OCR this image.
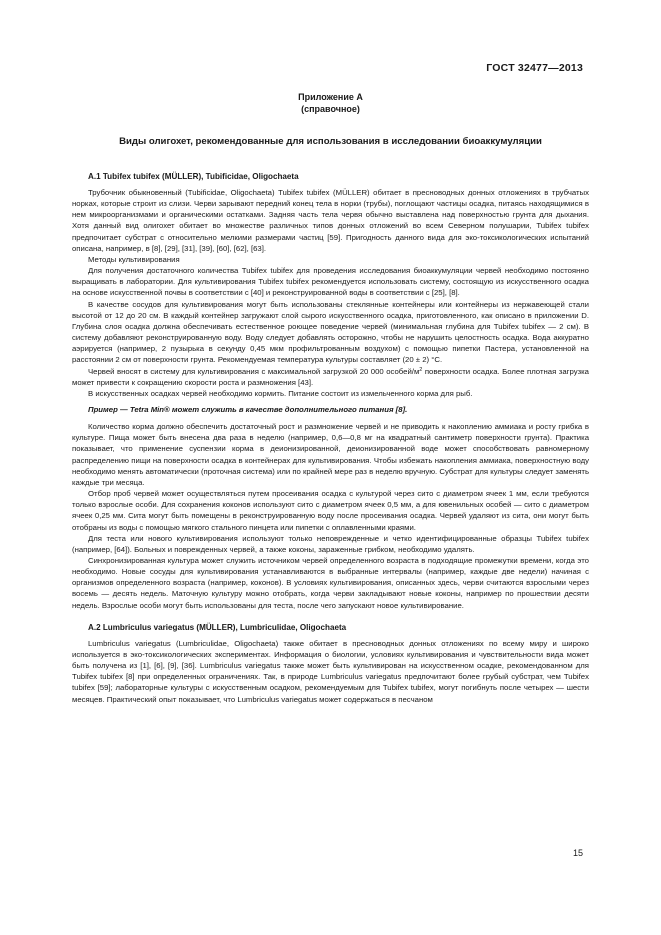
ГОСТ 32477—2013
Приложение А
(справочное)
Виды олигохет, рекомендованные для использования в исследовании биоаккумуляции
А.1 Tubifex tubifex (MÜLLER), Tubificidae, Oligochaeta

Трубочник обыкновенный (Tubificidae, Oligochaeta) Tubifex tubifex (MÜLLER) обитает в пресноводных донных отложениях в трубчатых норках, которые строит из слизи. Черви зарывают передний конец тела в норки (трубы), поглощают частицы осадка, питаясь находящимися в нем микроорганизмами и органическими остатками. Задняя часть тела червя обычно выставлена над поверхностью грунта для дыхания. Хотя данный вид олигохет обитает во множестве различных типов донных отложений во всем Северном полушарии, Tubifex tubifex предпочитает субстрат с относительно мелкими размерами частиц [59]. Пригодность данного вида для эко-токсикологических испытаний описана, например, в [8], [29], [31], [39], [60], [62], [63].

Методы культивирования

Для получения достаточного количества Tubifex tubifex для проведения исследования биоаккумуляции червей необходимо постоянно выращивать в лаборатории. Для культивирования Tubifex tubifex рекомендуется использовать систему, состоящую из искусственного осадка на основе искусственной почвы в соответствии с [40] и реконструированной воды в соответствии с [25], [8].

В качестве сосудов для культивирования могут быть использованы стеклянные контейнеры или контейнеры из нержавеющей стали высотой от 12 до 20 см. В каждый контейнер загружают слой сырого искусственного осадка, приготовленного, как описано в приложении D. Глубина слоя осадка должна обеспечивать естественное роющее поведение червей (минимальная глубина для Tubifex tubifex — 2 см). В систему добавляют реконструированную воду. Воду следует добавлять осторожно, чтобы не нарушить целостность осадка. Вода аккуратно аэрируется (например, 2 пузырька в секунду 0,45 мкм профильтрованным воздухом) с помощью пипетки Пастера, установленной на расстоянии 2 см от поверхности грунта. Рекомендуемая температура культуры составляет (20 ± 2) °С.

Червей вносят в систему для культивирования с максимальной загрузкой 20 000 особей/$м^2$ поверхности осадка. Более плотная загрузка может привести к сокращению скорости роста и размножения [43].

В искусственных осадках червей необходимо кормить. Питание состоит из измельченного корма для рыб.

Пример — Tetra Min® может служить в качестве дополнительного питания [8].

Количество корма должно обеспечить достаточный рост и размножение червей и не приводить к накоплению аммиака и росту грибка в культуре. Пища может быть внесена два раза в неделю (например, 0,6—0,8 мг на квадратный сантиметр поверхности грунта). Практика показывает, что применение суспензии корма в деионизированной, деионизированной воде может способствовать равномерному распределению пищи на поверхности осадка в контейнерах для культивирования. Чтобы избежать накопления аммиака, поверхностную воду необходимо менять автоматически (проточная система) или по крайней мере раз в неделю вручную. Субстрат для культуры следует заменять каждые три месяца.

Отбор проб червей может осуществляться путем просеивания осадка с культурой через сито с диаметром ячеек 1 мм, если требуются только взрослые особи. Для сохранения коконов используют сито с диаметром ячеек 0,5 мм, а для ювенильных особей — сито с диаметром ячеек 0,25 мм. Сита могут быть помещены в реконструированную воду после просеивания осадка. Червей удаляют из сита, они могут быть отобраны из воды с помощью мягкого стального пинцета или пипетки с оплавленными краями.

Для теста или нового культивирования используют только неповрежденные и четко идентифицированные образцы Tubifex tubifex (например, [64]). Больных и поврежденных червей, а также коконы, зараженные грибком, необходимо удалять.

Синхронизированная культура может служить источником червей определенного возраста в подходящие промежутки времени, когда это необходимо. Новые сосуды для культивирования устанавливаются в выбранные интервалы (например, каждые две недели) начиная с организмов определенного возраста (например, коконов). В условиях культивирования, описанных здесь, черви считаются взрослыми через восемь — десять недель. Маточную культуру можно отобрать, когда черви закладывают новые коконы, например по прошествии десяти недель. Взрослые особи могут быть использованы для теста, после чего запускают новое культивирование.

А.2 Lumbriculus variegatus (MÜLLER), Lumbriculidae, Oligochaeta

Lumbriculus variegatus (Lumbriculidae, Oligochaeta) также обитает в пресноводных донных отложениях по всему миру и широко используется в эко-токсикологических экспериментах. Информация о биологии, условиях культивирования и чувствительности вида может быть получена из [1], [6], [9], [36]. Lumbriculus variegatus также может быть культивирован на искусственном осадке, рекомендованном для Tubifex tubifex [8] при определенных ограничениях. Так, в природе Lumbriculus variegatus предпочитают более грубый субстрат, чем Tubifex tubifex [59]; лабораторные культуры с искусственным осадком, рекомендуемым для Tubifex tubifex, могут погибнуть после четырех — шести месяцев. Практический опыт показывает, что Lumbriculus variegatus может содержаться в песчаном

15
